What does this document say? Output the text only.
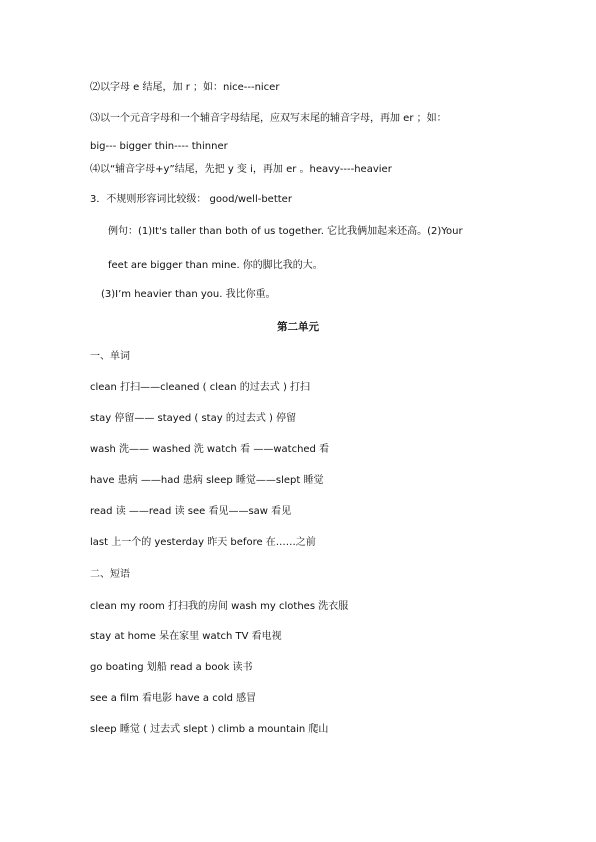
⑵以字母 e 结尾，加 r ；如：nice---nicer
⑶以一个元音字母和一个辅音字母结尾，应双写末尾的辅音字母，再加 er ；如：
big--- bigger thin---- thinner
⑷以“辅音字母+y”结尾，先把 y 变 i，再加 er 。heavy----heavier
3．不规则形容词比较级： good/well-better
例句：(1)It's taller than both of us together. 它比我俩加起来还高。(2)Your
feet are bigger than mine. 你的脚比我的大。
(3)I’m heavier than you. 我比你重。
第二单元
一、单词
clean 打扫——cleaned ( clean 的过去式 ) 打扫
stay 停留—— stayed ( stay 的过去式 ) 停留
wash 洗—— washed 洗 watch 看 ——watched 看
have 患病 ——had 患病 sleep 睡觉——slept 睡觉
read 读 ——read 读 see 看见——saw 看见
last 上一个的 yesterday 昨天 before 在……之前
二、短语
clean my room 打扫我的房间 wash my clothes 洗衣服
stay at home 呆在家里 watch TV 看电视
go boating 划船 read a book 读书
see a film 看电影 have a cold 感冒
sleep 睡觉 ( 过去式 slept ) climb a mountain 爬山
